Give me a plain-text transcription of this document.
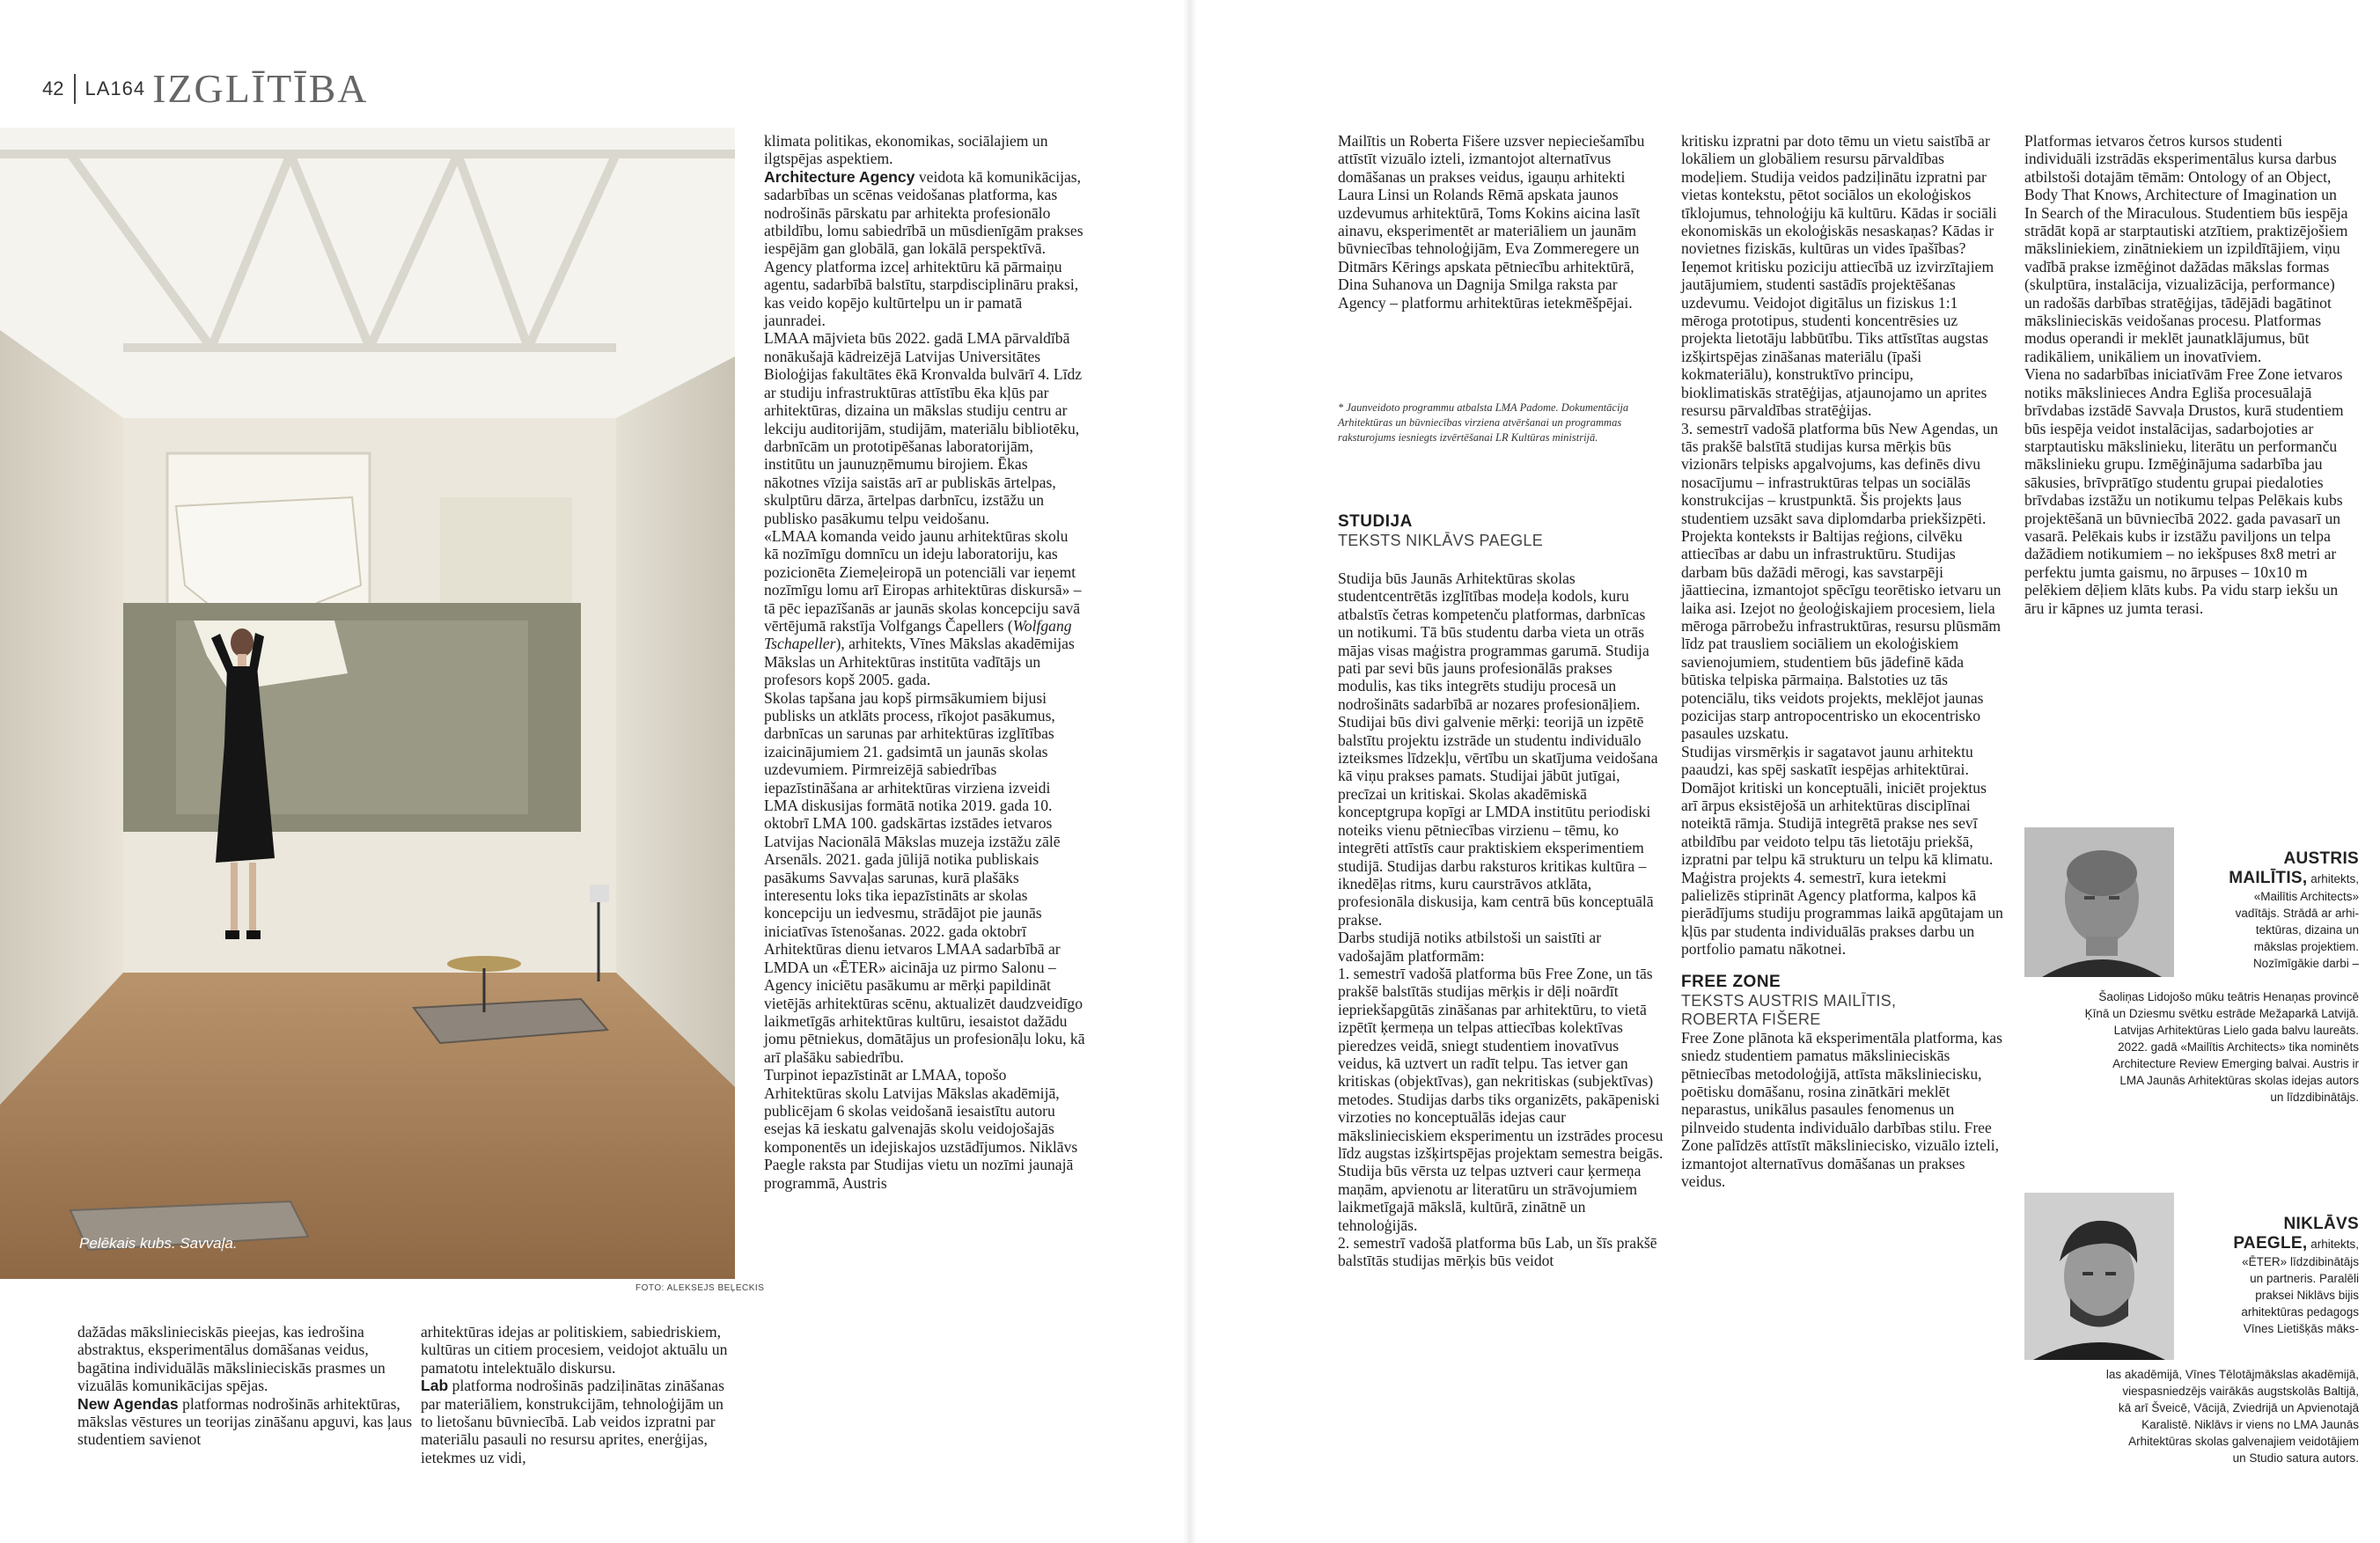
42 LA164 IZGLĪTĪBA
Pelēkais kubs. Savvaļa.
FOTO: ALEKSEJS BEĻECKIS

dažādas mākslinieciskās pieejas, kas iedrošina abstraktus, eksperimentālus domāšanas veidus, bagātina individuālās mākslinieciskās prasmes un vizuālās komunikācijas spējas.

New Agendas platformas nodrošinās arhitektūras, mākslas vēstures un teorijas zināšanu apguvi, kas ļaus studentiem savienot

arhitektūras idejas ar politiskiem, sabiedriskiem, kultūras un citiem procesiem, veidojot aktuālu un pamatotu intelektuālo diskursu.

Lab platforma nodrošinās padziļinātas zināšanas par materiāliem, konstrukcijām, tehnoloģijām un to lietošanu būvniecībā. Lab veidos izpratni par materiālu pasauli no resursu aprites, enerģijas, ietekmes uz vidi,

klimata politikas, ekonomikas, sociālajiem un ilgtspējas aspektiem.

Architecture Agency veidota kā komunikācijas, sadarbības un scēnas veidošanas platforma, kas nodrošinās pārskatu par arhitekta profesionālo atbildību, lomu sabiedrībā un mūsdienīgām prakses iespējām gan globālā, gan lokālā perspektīvā. Agency platforma izceļ arhitektūru kā pārmaiņu agentu, sadarbībā balstītu, starpdisciplināru praksi, kas veido kopējo kultūrtelpu un ir pamatā jaunradei.

LMAA mājvieta būs 2022. gadā LMA pārvaldībā nonākušajā kādreizējā Latvijas Universitātes Bioloģijas fakultātes ēkā Kronvalda bulvārī 4. Līdz ar studiju infrastruktūras attīstību ēka kļūs par arhitektūras, dizaina un mākslas studiju centru ar lekciju auditorijām, studijām, materiālu bibliotēku, darbnīcām un prototipēšanas laboratorijām, institūtu un jaunuzņēmumu birojiem. Ēkas nākotnes vīzija saistās arī ar publiskās ārtelpas, skulptūru dārza, ārtelpas darbnīcu, izstāžu un publisko pasākumu telpu veidošanu.

«LMAA komanda veido jaunu arhitektūras skolu kā nozīmīgu domnīcu un ideju laboratoriju, kas pozicionēta Ziemeļeiropā un potenciāli var ieņemt nozīmīgu lomu arī Eiropas arhitektūras diskursā» – tā pēc iepazīšanās ar jaunās skolas koncepciju savā vērtējumā rakstīja Volfgangs Čapellers (Wolfgang Tschapeller), arhitekts, Vīnes Mākslas akadēmijas Mākslas un Arhitektūras institūta vadītājs un profesors kopš 2005. gada.

Skolas tapšana jau kopš pirmsākumiem bijusi publisks un atklāts process, rīkojot pasākumus, darbnīcas un sarunas par arhitektūras izglītības izaicinājumiem 21. gadsimtā un jaunās skolas uzdevumiem. Pirmreizējā sabiedrības iepazīstināšana ar arhitektūras virziena izveidi LMA diskusijas formātā notika 2019. gada 10. oktobrī LMA 100. gadskārtas izstādes ietvaros Latvijas Nacionālā Mākslas muzeja izstāžu zālē Arsenāls. 2021. gada jūlijā notika publiskais pasākums Savvaļas sarunas, kurā plašāks interesentu loks tika iepazīstināts ar skolas koncepciju un iedvesmu, strādājot pie jaunās iniciatīvas īstenošanas. 2022. gada oktobrī Arhitektūras dienu ietvaros LMAA sadarbībā ar LMDA un «ĒTER» aicināja uz pirmo Salonu – Agency iniciētu pasākumu ar mērķi papildināt vietējās arhitektūras scēnu, aktualizēt daudzveidīgo laikmetīgās arhitektūras kultūru, iesaistot dažādu jomu pētniekus, domātājus un profesionāļu loku, kā arī plašāku sabiedrību.

Turpinot iepazīstināt ar LMAA, topošo Arhitektūras skolu Latvijas Mākslas akadēmijā, publicējam 6 skolas veidošanā iesaistītu autoru esejas kā ieskatu galvenajās skolu veidojošajās komponentēs un idejiskajos uzstādījumos. Niklāvs Paegle raksta par Studijas vietu un nozīmi jaunajā programmā, Austris

Mailītis un Roberta Fišere uzsver nepieciešamību attīstīt vizuālo izteli, izmantojot alternatīvus domāšanas un prakses veidus, igauņu arhitekti Laura Linsi un Rolands Rēmā apskata jaunos uzdevumus arhitektūrā, Toms Kokins aicina lasīt ainavu, eksperimentēt ar materiāliem un jaunām būvniecības tehnoloģijām, Eva Zommeregere un Ditmārs Kērings apskata pētniecību arhitektūrā, Dina Suhanova un Dagnija Smilga raksta par Agency – platformu arhitektūras ietekmēšpējai.

* Jaunveidoto programmu atbalsta LMA Padome. Dokumentācija Arhitektūras un būvniecības virziena atvēršanai un programmas raksturojums iesniegts izvērtēšanai LR Kultūras ministrijā.
STUDIJA
TEKSTS NIKLĀVS PAEGLE

Studija būs Jaunās Arhitektūras skolas studentcentrētās izglītības modeļa kodols, kuru atbalstīs četras kompetenču platformas, darbnīcas un notikumi. Tā būs studentu darba vieta un otrās mājas visas maģistra programmas garumā. Studija pati par sevi būs jauns profesionālās prakses modulis, kas tiks integrēts studiju procesā un nodrošināts sadarbībā ar nozares profesionāļiem. Studijai būs divi galvenie mērķi: teorijā un izpētē balstītu projektu izstrāde un studentu individuālo izteiksmes līdzekļu, vērtību un skatījuma veidošana kā viņu prakses pamats. Studijai jābūt jutīgai, precīzai un kritiskai. Skolas akadēmiskā konceptgrupa kopīgi ar LMDA institūtu periodiski noteiks vienu pētniecības virzienu – tēmu, ko integrēti attīstīs caur praktiskiem eksperimentiem studijā. Studijas darbu raksturos kritikas kultūra – iknedēļas ritms, kuru caurstrāvos atklāta, profesionāla diskusija, kam centrā būs konceptuālā prakse.

Darbs studijā notiks atbilstoši un saistīti ar vadošajām platformām:

1. semestrī vadošā platforma būs Free Zone, un tās prakšē balstītās studijas mērķis ir dēļi noārdīt iepriekšapgūtās zināšanas par arhitektūru, to vietā izpētīt ķermeņa un telpas attiecības kolektīvas pieredzes veidā, sniegt studentiem inovatīvus veidus, kā uztvert un radīt telpu. Tas ietver gan kritiskas (objektīvas), gan nekritiskas (subjektīvas) metodes. Studijas darbs tiks organizēts, pakāpeniski virzoties no konceptuālās idejas caur mākslinieciskiem eksperimentu un izstrādes procesu līdz augstas izšķirtspējas projektam semestra beigās. Studija būs vērsta uz telpas uztveri caur ķermeņa maņām, apvienotu ar literatūru un strāvojumiem laikmetīgajā mākslā, kultūrā, zinātnē un tehnoloģijās.

2. semestrī vadošā platforma būs Lab, un šīs prakšē balstītās studijas mērķis būs veidot

kritisku izpratni par doto tēmu un vietu saistībā ar lokāliem un globāliem resursu pārvaldības modeļiem. Studija veidos padziļinātu izpratni par vietas kontekstu, pētot sociālos un ekoloģiskos tīklojumus, tehnoloģiju kā kultūru. Kādas ir sociāli ekonomiskās un ekoloģiskās nesaskaņas? Kādas ir novietnes fiziskās, kultūras un vides īpašības? Ieņemot kritisku poziciju attiecībā uz izvirzītajiem jautājumiem, studenti sastādīs projektēšanas uzdevumu. Veidojot digitālus un fiziskus 1:1 mēroga prototipus, studenti koncentrēsies uz projekta lietotāju labbūtību. Tiks attīstītas augstas izšķirtspējas zināšanas materiālu (īpaši kokmateriālu), konstruktīvo principu, bioklimatiskās stratēģijas, atjaunojamo un aprites resursu pārvaldības stratēģijas.

3. semestrī vadošā platforma būs New Agendas, un tās prakšē balstītā studijas kursa mērķis būs vizionārs telpisks apgalvojums, kas definēs divu nosacījumu – infrastruktūras telpas un sociālās konstrukcijas – krustpunktā. Šis projekts ļaus studentiem uzsākt sava diplomdarba priekšizpēti. Projekta konteksts ir Baltijas reģions, cilvēku attiecības ar dabu un infrastruktūru. Studijas darbam būs dažādi mērogi, kas savstarpēji jāattiecina, izmantojot spēcīgu teorētisko ietvaru un laika asi. Izejot no ģeoloģiskajiem procesiem, liela mēroga pārrobežu infrastruktūras, resursu plūsmām līdz pat trausliem sociāliem un ekoloģiskiem savienojumiem, studentiem būs jādefinē kāda būtiska telpiska pārmaiņa. Balstoties uz tās potenciālu, tiks veidots projekts, meklējot jaunas pozicijas starp antropocentrisko un ekocentrisko pasaules uzskatu.

Studijas virsmērķis ir sagatavot jaunu arhitektu paaudzi, kas spēj saskatīt iespējas arhitektūrai. Domājot kritiski un konceptuāli, iniciēt projektus arī ārpus eksistējošā un arhitektūras disciplīnai noteiktā rāmja. Studijā integrētā prakse nes sevī atbildību par veidoto telpu tās lietotāju priekšā, izpratni par telpu kā strukturu un telpu kā klimatu. Maģistra projekts 4. semestrī, kura ietekmi palielizēs stiprināt Agency platforma, kalpos kā pierādījums studiju programmas laikā apgūtajam un kļūs par studenta individuālās prakses darbu un portfolio pamatu nākotnei.

FREE ZONE
TEKSTS AUSTRIS MAILĪTIS,
ROBERTA FIŠERE

Free Zone plānota kā eksperimentāla platforma, kas sniedz studentiem pamatus mākslinieciskās pētniecības metodoloģijā, attīsta māksliniecisku, poētisku domāšanu, rosina zinātkāri meklēt neparastus, unikālus pasaules fenomenus un pilnveido studenta individuālo darbības stilu. Free Zone palīdzēs attīstīt māksliniecisko, vizuālo izteli, izmantojot alternatīvus domāšanas un prakses veidus.

Platformas ietvaros četros kursos studenti individuāli izstrādās eksperimentālus kursa darbus atbilstoši dotajām tēmām: Ontology of an Object, Body That Knows, Architecture of Imagination un In Search of the Miraculous. Studentiem būs iespēja strādāt kopā ar starptautiski atzītiem, praktizējošiem māksliniekiem, zinātniekiem un izpildītājiem, viņu vadībā prakse izmēģinot dažādas mākslas formas (skulptūra, instalācija, vizualizācija, performance) un radošās darbības stratēģijas, tādējādi bagātinot mākslinieciskās veidošanas procesu. Platformas modus operandi ir meklēt jaunatklājumus, būt radikāliem, unikāliem un inovatīviem.

Viena no sadarbības iniciatīvām Free Zone ietvaros notiks mākslinieces Andra Egliša procesuālajā brīvdabas izstādē Savvaļa Drustos, kurā studentiem būs iespēja veidot instalācijas, sadarbojoties ar starptautisku mākslinieku, literātu un performanču mākslinieku grupu. Izmēģinājuma sadarbība jau sākusies, brīvprātīgo studentu grupai piedaloties brīvdabas izstāžu un notikumu telpas Pelēkais kubs projektēšanā un būvniecībā 2022. gada pavasarī un vasarā. Pelēkais kubs ir izstāžu paviljons un telpa dažādiem notikumiem – no iekšpuses 8x8 metri ar perfektu jumta gaismu, no ārpuses – 10x10 m pelēkiem dēļiem klāts kubs. Pa vidu starp iekšu un āru ir kāpnes uz jumta terasi.

AUSTRIS
MAILĪTIS, arhitekts,
«Mailītis Architects»
vadītājs. Strādā ar arhi-
tektūras, dizaina un
mākslas projektiem.
Nozīmīgākie darbi –
Šaoliņas Lidojošo mūku teātris Henaņas provincē
Ķīnā un Dziesmu svētku estrāde Mežaparkā Latvijā.
Latvijas Arhitektūras Lielo gada balvu laureāts.
2022. gadā «Mailītis Architects» tika nominēts
Architecture Review Emerging balvai. Austris ir
LMA Jaunās Arhitektūras skolas idejas autors
un līdzdibinātājs.
NIKLĀVS
PAEGLE, arhitekts,
«ĒTER» līdzdibinātājs
un partneris. Paralēli
praksei Niklāvs bijis
arhitektūras pedagogs
Vīnes Lietišķās māks-
las akadēmijā, Vīnes Tēlotājmākslas akadēmijā,
viespasniedzējs vairākās augstskolās Baltijā,
kā arī Šveicē, Vācijā, Zviedrijā un Apvienotajā
Karalistē. Niklāvs ir viens no LMA Jaunās
Arhitektūras skolas galvenajiem veidotājiem
un Studio satura autors.
